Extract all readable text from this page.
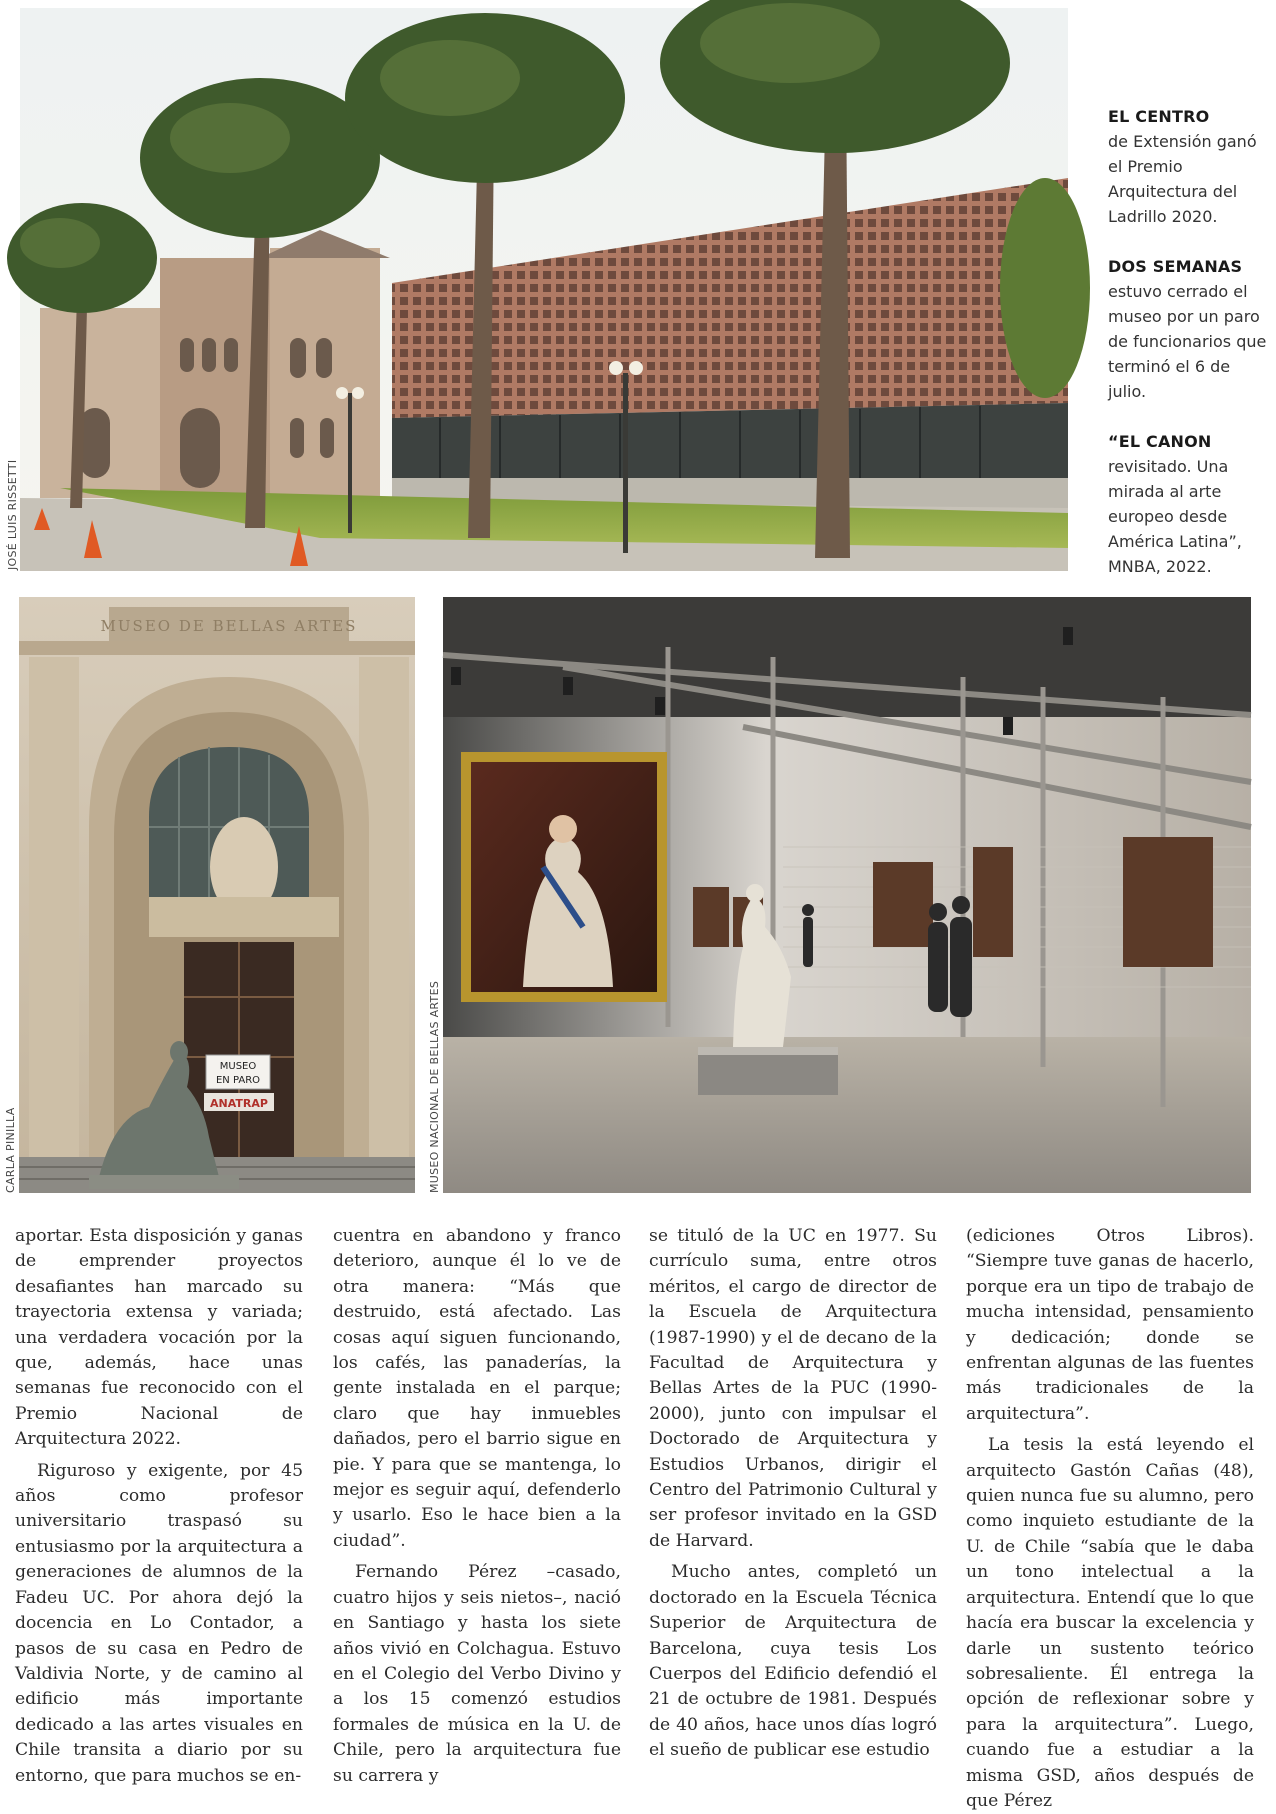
JOSÉ LUIS RISSETTI
EL CENTRO
de Extensión ganó el Premio Arquitectura del Ladrillo 2020.
DOS SEMANAS
estuvo cerrado el museo por un paro de funcionarios que terminó el 6 de julio.
“EL CANON
revisitado. Una mirada al arte europeo desde América Latina”, MNBA, 2022.
MUSEO DE BELLAS ARTES
MUSEO
EN PARO
ANATRAP
CARLA PINILLA	MUSEO NACIONAL DE BELLAS ARTES

aportar. Esta disposición y ganas de emprender proyectos desafiantes han marcado su trayectoria extensa y variada; una verdadera vocación por la que, además, hace unas semanas fue reconocido con el Premio Nacional de Arquitectura 2022.

Riguroso y exigente, por 45 años como profesor universitario traspasó su entusiasmo por la arquitectura a generaciones de alumnos de la Fadeu UC. Por ahora dejó la docencia en Lo Contador, a pasos de su casa en Pedro de Valdivia Norte, y de camino al edificio más importante dedicado a las artes visuales en Chile transita a diario por su entorno, que para muchos se en-

cuentra en abandono y franco deterioro, aunque él lo ve de otra manera: “Más que destruido, está afectado. Las cosas aquí siguen funcionando, los cafés, las panaderías, la gente instalada en el parque; claro que hay inmuebles dañados, pero el barrio sigue en pie. Y para que se mantenga, lo mejor es seguir aquí, defenderlo y usarlo. Eso le hace bien a la ciudad”.

Fernando Pérez –casado, cuatro hijos y seis nietos–, nació en Santiago y hasta los siete años vivió en Colchagua. Estuvo en el Colegio del Verbo Divino y a los 15 comenzó estudios formales de música en la U. de Chile, pero la arquitectura fue su carrera y

se tituló de la UC en 1977. Su currículo suma, entre otros méritos, el cargo de director de la Escuela de Arquitectura (1987-1990) y el de decano de la Facultad de Arquitectura y Bellas Artes de la PUC (1990-2000), junto con impulsar el Doctorado de Arquitectura y Estudios Urbanos, dirigir el Centro del Patrimonio Cultural y ser profesor invitado en la GSD de Harvard.

Mucho antes, completó un doctorado en la Escuela Técnica Superior de Arquitectura de Barcelona, cuya tesis Los Cuerpos del Edificio defendió el 21 de octubre de 1981. Después de 40 años, hace unos días logró el sueño de publicar ese estudio

(ediciones Otros Libros). “Siempre tuve ganas de hacerlo, porque era un tipo de trabajo de mucha intensidad, pensamiento y dedicación; donde se enfrentan algunas de las fuentes más tradicionales de la arquitectura”.

La tesis la está leyendo el arquitecto Gastón Cañas (48), quien nunca fue su alumno, pero como inquieto estudiante de la U. de Chile “sabía que le daba un tono intelectual a la arquitectura. Entendí que lo que hacía era buscar la excelencia y darle un sustento teórico sobresaliente. Él entrega la opción de reflexionar sobre y para la arquitectura”. Luego, cuando fue a estudiar a la misma GSD, años después de que Pérez
